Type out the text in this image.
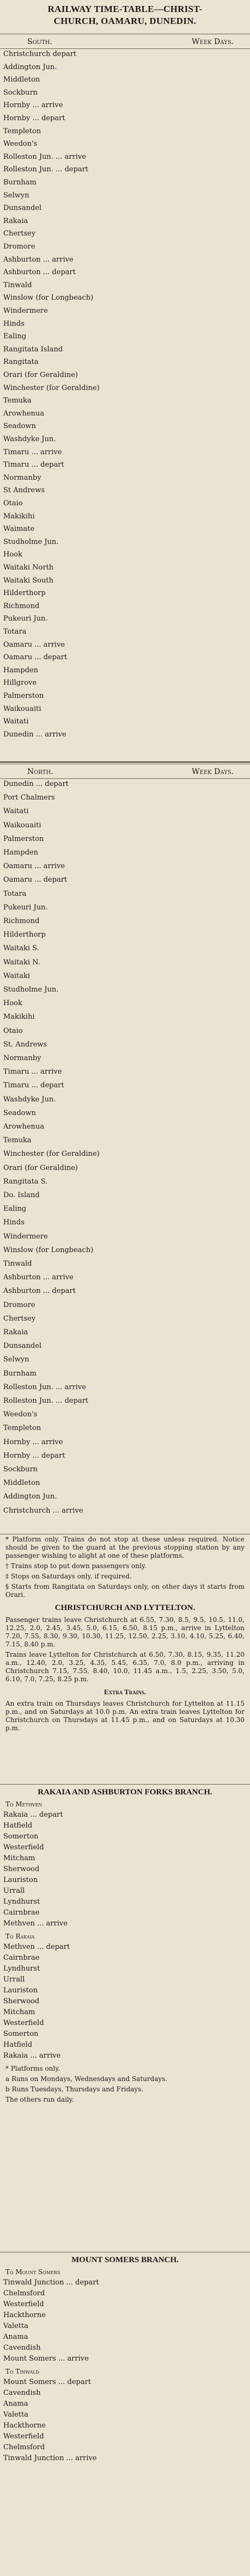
RAILWAY TIME-TABLE—CHRIST-
CHURCH, OAMARU, DUNEDIN.
South.	Week Days.
Christchurch depart
Addington Jun.
Middleton
Sockburn
Hornby ... arrive
Hornby ... depart
Templeton
Weedon's
Rolleston Jun. ... arrive
Rolleston Jun. ... depart
Burnham
Selwyn
Dunsandel
Rakaia
Chertsey
Dromore
Ashburton ... arrive
Ashburton ... depart
Tinwald
Winslow (for Longbeach)
Windermere
Hinds
Ealing
Rangitata Island
Rangitata
Orari (for Geraldine)
Winchester (for Geraldine)
Temuka
Arowhenua
Seadown
Washdyke Jun.
Timaru ... arrive
Timaru ... depart
Normanby
St Andrews
Otaio
Makikihi
Waimate
Studholme Jun.
Hook
Waitaki North
Waitaki South
Hilderthorp
Richmond
Pukeuri Jun.
Totara
Oamaru ... arrive
Oamaru ... depart
Hampden
Hillgrove
Palmerston
Waikouaiti
Waitati
Dunedin ... arrive
North.	Week Days.
Dunedin ... depart
Port Chalmers
Waitati
Waikouaiti
Palmerston
Hampden
Oamaru ... arrive
Oamaru ... depart
Totara
Pukeuri Jun.
Richmond
Hilderthorp
Waitaki S.
Waitaki N.
Waitaki
Studholme Jun.
Hook
Makikihi
Otaio
St. Andrews
Normanby
Timaru ... arrive
Timaru ... depart
Washdyke Jun.
Seadown
Arowhenua
Temuka
Winchester (for Geraldine)
Orari (for Geraldine)
Rangitata S.
Do. Island
Ealing
Hinds
Windermere
Winslow (for Longbeach)
Tinwald
Ashburton ... arrive
Ashburton ... depart
Dromore
Chertsey
Rakaia
Dunsandel
Selwyn
Burnham
Rolleston Jun. ... arrive
Rolleston Jun. ... depart
Weedon's
Templeton
Hornby ... arrive
Hornby ... depart
Sockburn
Middleton
Addington Jun.
Christchurch ... arrive
* Platform only. Trains do not stop at these unless required. Notice should be given to the guard at the previous stopping station by any passenger wishing to alight at one of these platforms.
† Trains stop to put down passengers only.
‡ Stops on Saturdays only, if required.
§ Starts from Rangitata on Saturdays only, on other days it starts from Orari.
CHRISTCHURCH AND LYTTELTON.
Passenger trains leave Christchurch at 6.55, 7.30, 8.5, 9.5, 10.5, 11.0, 12.25, 2.0, 2.45, 3.45, 5.0, 6.15, 6.50, 8.15 p.m., arrive in Lyttelton 7.20, 7.55, 8.30, 9.30, 10.30, 11.25, 12.50, 2.25, 3.10, 4.10, 5.25, 6.40, 7.15, 8.40 p.m.
Trains leave Lyttelton for Christchurch at 6.50, 7.30, 8.15, 9.35, 11.20 a.m., 12.40, 2.0, 3.25, 4.35, 5.45, 6.35, 7.0, 8.0 p.m., arriving in Christchurch 7.15, 7.55, 8.40, 10.0, 11.45 a.m., 1.5, 2.25, 3.50, 5.0, 6.10, 7.0, 7.25, 8.25 p.m.
Extra Trains.
An extra train on Thursdays leaves Christchurch for Lyttelton at 11.15 p.m., and on Saturdays at 10.0 p.m. An extra train leaves Lyttelton for Christchurch on Thursdays at 11.45 p.m., and on Saturdays at 10.30 p.m.
RAKAIA AND ASHBURTON FORKS BRANCH.
To Methven
Rakaia ... depart
Hatfield
Somerton
Westerfield
Mitcham
Sherwood
Lauriston
Urrall
Lyndhurst
Cairnbrae
Methven ... arrive
To Rakaia
Methven ... depart
Cairnbrae
Lyndhurst
Urrall
Lauriston
Sherwood
Mitcham
Westerfield
Somerton
Hatfield
Rakaia ... arrive
* Platforms only.
a Runs on Mondays, Wednesdays and Saturdays.
b Runs Tuesdays, Thursdays and Fridays.
The others run daily.
MOUNT SOMERS BRANCH.
To Mount Somers
Tinwald Junction ... depart
Chelmsford
Westerfield
Hackthorne
Valetta
Anama
Cavendish
Mount Somers ... arrive
To Tinwald
Mount Somers ... depart
Cavendish
Anama
Valetta
Hackthorne
Westerfield
Chelmsford
Tinwald Junction ... arrive
